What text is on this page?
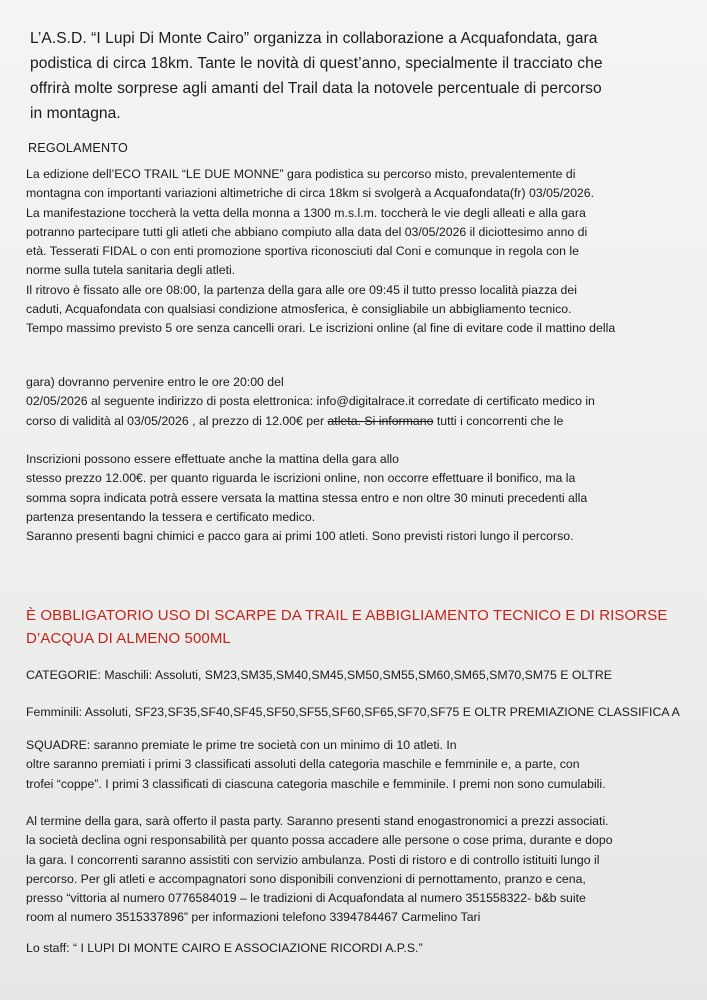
L’A.S.D. “I Lupi Di Monte Cairo” organizza in collaborazione a Acquafondata, gara

podistica di circa 18km. Tante le novità di quest’anno, specialmente il tracciato che

offrirà molte sorprese agli amanti del Trail data la notovele percentuale di percorso

in montagna.

REGOLAMENTO

La edizione dell’ECO TRAIL “LE DUE MONNE” gara podistica su percorso misto, prevalentemente di

montagna con importanti variazioni altimetriche di circa 18km si svolgerà a Acquafondata(fr) 03/05/2026.

La manifestazione toccherà la vetta della monna a 1300 m.s.l.m. toccherà le vie degli alleati e alla gara

potranno partecipare tutti gli atleti che abbiano compiuto alla data del 03/05/2026 il diciottesimo anno di

età. Tesserati FIDAL o con enti promozione sportiva riconosciuti dal Coni e comunque in regola con le

norme sulla tutela sanitaria degli atleti.

Il ritrovo è fissato alle ore 08:00, la partenza della gara alle ore 09:45 il tutto presso località piazza dei

caduti, Acquafondata con qualsiasi condizione atmosferica, è consigliabile un abbigliamento tecnico.

Tempo massimo previsto 5 ore senza cancelli orari. Le iscrizioni online (al fine di evitare code il mattino della

gara) dovranno pervenire entro le ore 20:00 del

02/05/2026 al seguente indirizzo di posta elettronica: info@digitalrace.it corredate di certificato medico in

corso di validità al 03/05/2026 , al prezzo di 12.00€ per atleta. Si informano tutti i concorrenti che le

Inscrizioni possono essere effettuate anche la mattina della gara allo

stesso prezzo 12.00€. per quanto riguarda le iscrizioni online, non occorre effettuare il bonifico, ma la

somma sopra indicata potrà essere versata la mattina stessa entro e non oltre 30 minuti precedenti alla

partenza presentando la tessera e certificato medico.

Saranno presenti bagni chimici e pacco gara ai primi 100 atleti. Sono previsti ristori lungo il percorso.

È OBBLIGATORIO USO DI SCARPE DA TRAIL E ABBIGLIAMENTO TECNICO E DI RISORSE

D’ACQUA DI ALMENO 500ML

CATEGORIE: Maschili: Assoluti, SM23,SM35,SM40,SM45,SM50,SM55,SM60,SM65,SM70,SM75 E OLTRE

Femminili: Assoluti, SF23,SF35,SF40,SF45,SF50,SF55,SF60,SF65,SF70,SF75 E OLTR PREMIAZIONE CLASSIFICA A

SQUADRE: saranno premiate le prime tre società con un minimo di 10 atleti. In

oltre saranno premiati i primi 3 classificati assoluti della categoria maschile e femminile e, a parte, con

trofei “coppe”. I primi 3 classificati di ciascuna categoria maschile e femminile. I premi non sono cumulabili.

Al termine della gara, sarà offerto il pasta party. Saranno presenti stand enogastronomici a prezzi associati.

la società declina ogni responsabilità per quanto possa accadere alle persone o cose prima, durante e dopo

la gara. I concorrenti saranno assistiti con servizio ambulanza. Posti di ristoro e di controllo istituiti lungo il

percorso. Per gli atleti e accompagnatori sono disponibili convenzioni di pernottamento, pranzo e cena,

presso “vittoria al numero 0776584019 – le tradizioni di Acquafondata al numero 351558322- b&b suite

room al numero 3515337896” per informazioni telefono 3394784467 Carmelino Tari

Lo staff: “ I LUPI DI MONTE CAIRO E ASSOCIAZIONE RICORDI A.P.S.”
